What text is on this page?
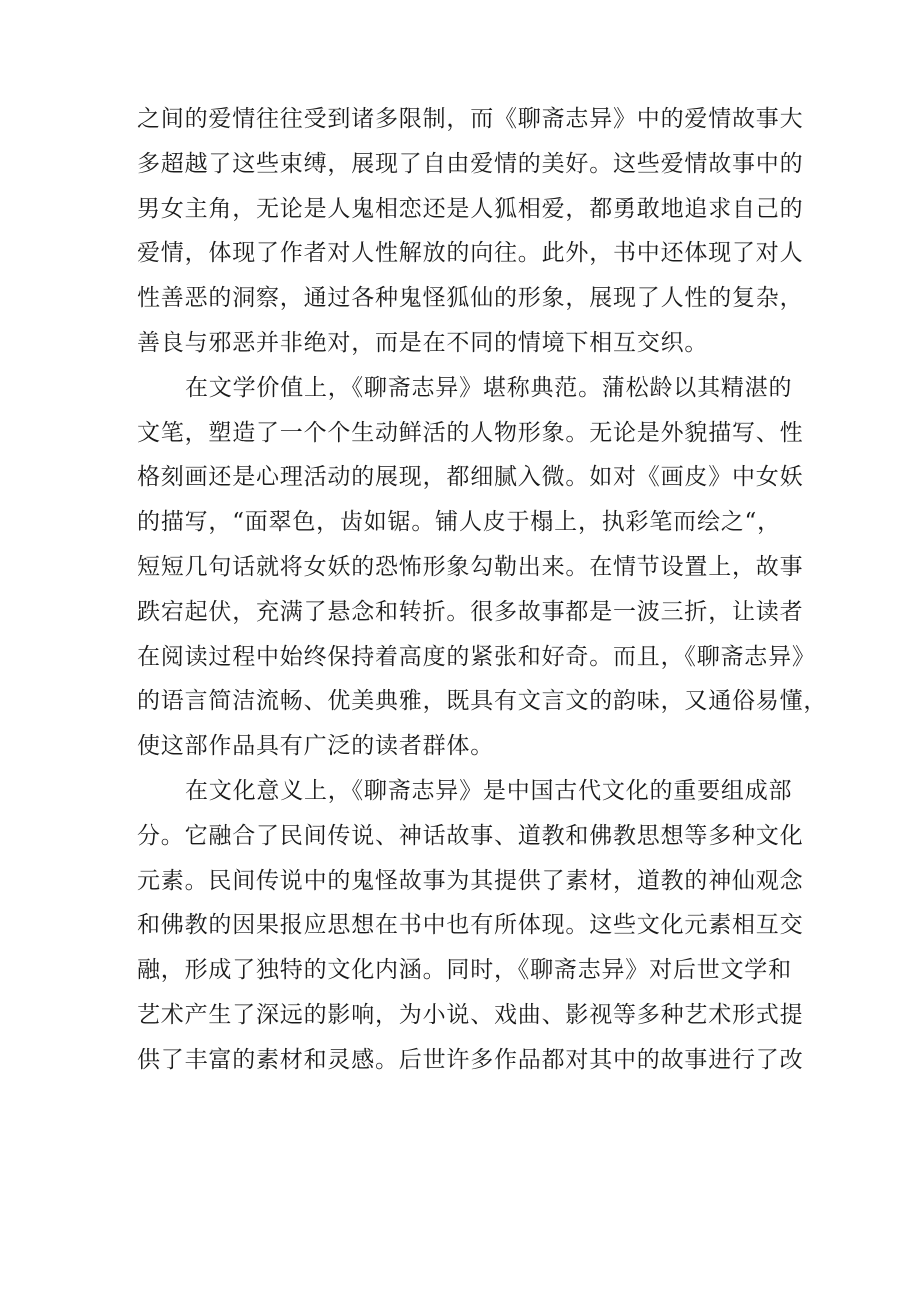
之间的爱情往往受到诸多限制，而《聊斋志异》中的爱情故事大
多超越了这些束缚，展现了自由爱情的美好。这些爱情故事中的
男女主角，无论是人鬼相恋还是人狐相爱，都勇敢地追求自己的
爱情，体现了作者对人性解放的向往。此外，书中还体现了对人
性善恶的洞察，通过各种鬼怪狐仙的形象，展现了人性的复杂，
善良与邪恶并非绝对，而是在不同的情境下相互交织。
在文学价值上，《聊斋志异》堪称典范。蒲松龄以其精湛的
文笔，塑造了一个个生动鲜活的人物形象。无论是外貌描写、性
格刻画还是心理活动的展现，都细腻入微。如对《画皮》中女妖
的描写，“面翠色，齿如锯。铺人皮于榻上，执彩笔而绘之“，
短短几句话就将女妖的恐怖形象勾勒出来。在情节设置上，故事
跌宕起伏，充满了悬念和转折。很多故事都是一波三折，让读者
在阅读过程中始终保持着高度的紧张和好奇。而且，《聊斋志异》
的语言简洁流畅、优美典雅，既具有文言文的韵味，又通俗易懂，
使这部作品具有广泛的读者群体。
在文化意义上，《聊斋志异》是中国古代文化的重要组成部
分。它融合了民间传说、神话故事、道教和佛教思想等多种文化
元素。民间传说中的鬼怪故事为其提供了素材，道教的神仙观念
和佛教的因果报应思想在书中也有所体现。这些文化元素相互交
融，形成了独特的文化内涵。同时，《聊斋志异》对后世文学和
艺术产生了深远的影响，为小说、戏曲、影视等多种艺术形式提
供了丰富的素材和灵感。后世许多作品都对其中的故事进行了改
